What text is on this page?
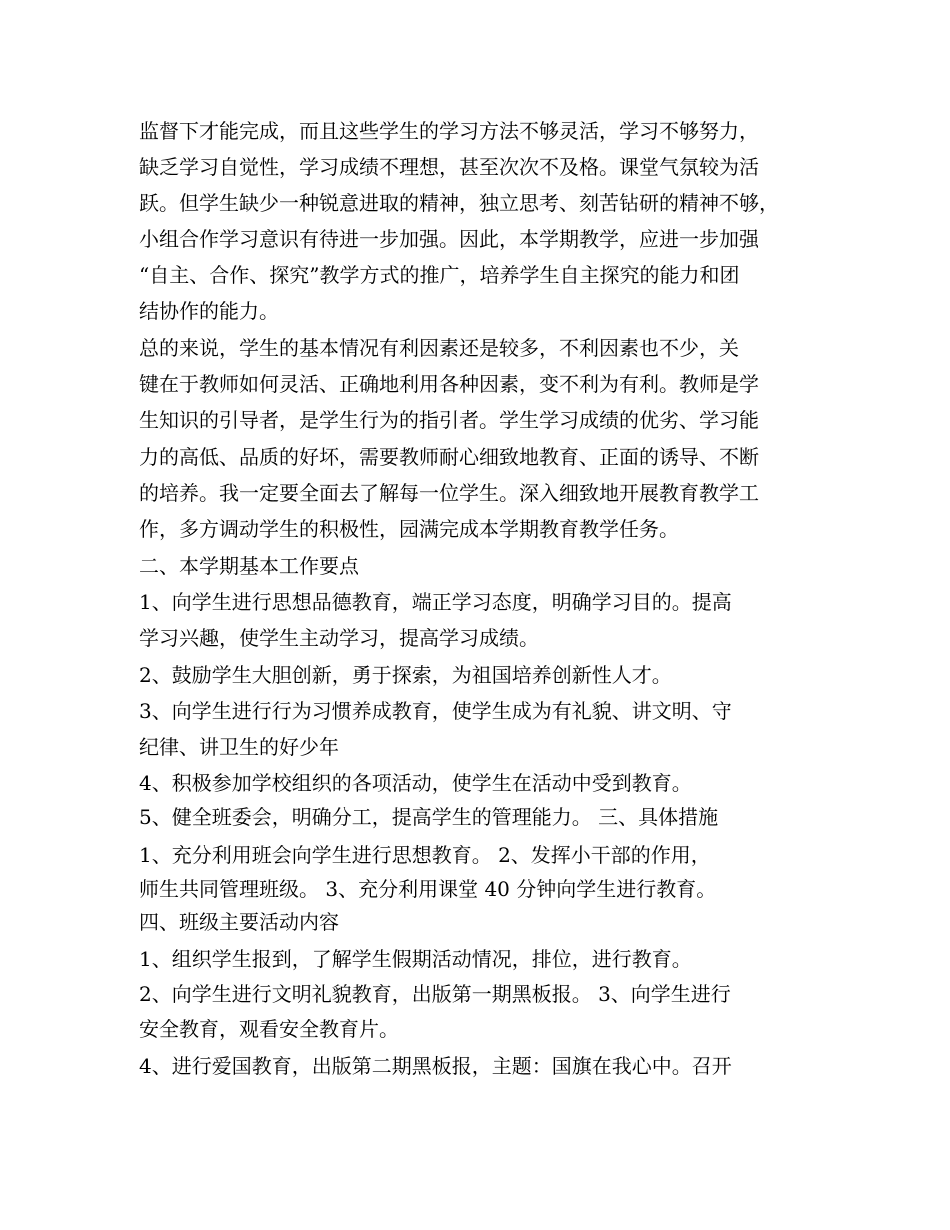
监督下才能完成，而且这些学生的学习方法不够灵活，学习不够努力，
缺乏学习自觉性，学习成绩不理想，甚至次次不及格。课堂气氛较为活
跃。但学生缺少一种锐意进取的精神，独立思考、刻苦钻研的精神不够，
小组合作学习意识有待进一步加强。因此，本学期教学，应进一步加强
“自主、合作、探究”教学方式的推广，培养学生自主探究的能力和团
结协作的能力。
总的来说，学生的基本情况有利因素还是较多，不利因素也不少，关
键在于教师如何灵活、正确地利用各种因素，变不利为有利。教师是学
生知识的引导者，是学生行为的指引者。学生学习成绩的优劣、学习能
力的高低、品质的好坏，需要教师耐心细致地教育、正面的诱导、不断
的培养。我一定要全面去了解每一位学生。深入细致地开展教育教学工
作，多方调动学生的积极性，园满完成本学期教育教学任务。
二、本学期基本工作要点
1、向学生进行思想品德教育，端正学习态度，明确学习目的。提高
学习兴趣，使学生主动学习，提高学习成绩。
2、鼓励学生大胆创新，勇于探索，为祖国培养创新性人才。
3、向学生进行行为习惯养成教育，使学生成为有礼貌、讲文明、守
纪律、讲卫生的好少年
4、积极参加学校组织的各项活动，使学生在活动中受到教育。
5、健全班委会，明确分工，提高学生的管理能力。 三、具体措施
1、充分利用班会向学生进行思想教育。 2、发挥小干部的作用，
师生共同管理班级。 3、充分利用课堂 40 分钟向学生进行教育。
四、班级主要活动内容
1、组织学生报到，了解学生假期活动情况，排位，进行教育。
2、向学生进行文明礼貌教育，出版第一期黑板报。 3、向学生进行
安全教育，观看安全教育片。
4、进行爱国教育，出版第二期黑板报，主题：国旗在我心中。召开
